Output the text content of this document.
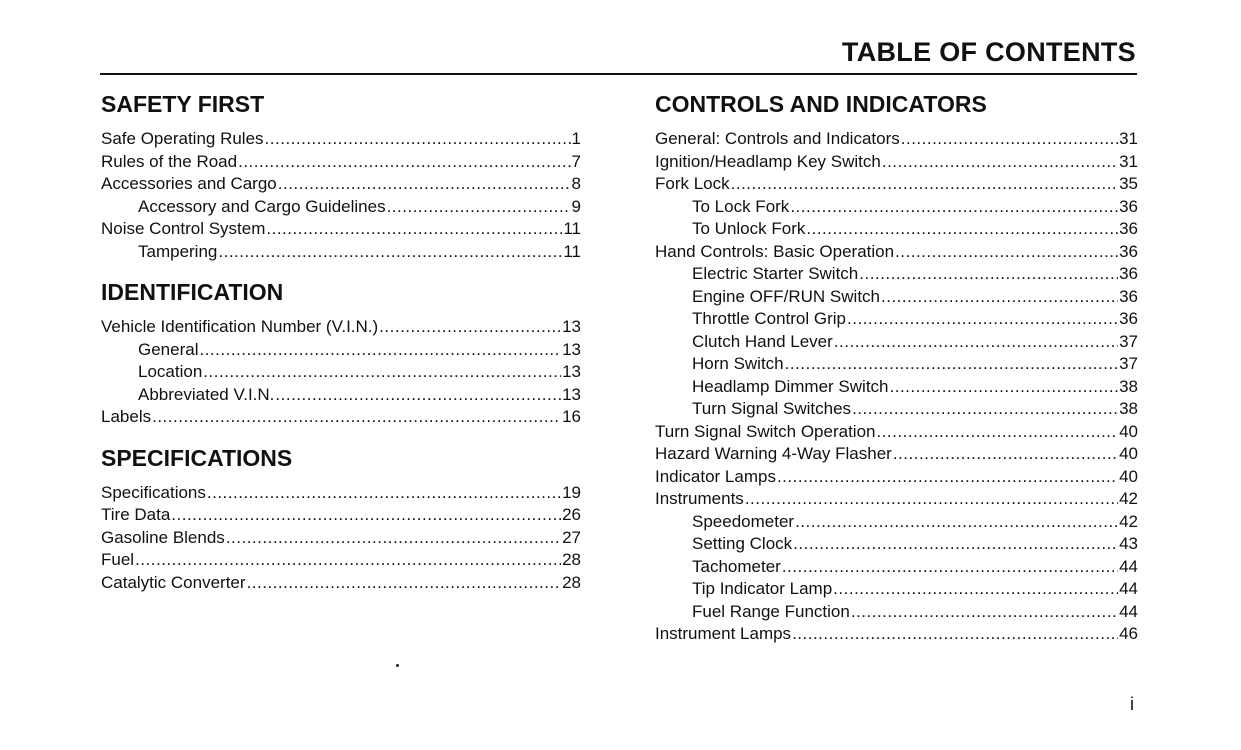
TABLE OF CONTENTS
SAFETY FIRST
Safe Operating Rules .....	1
Rules of the Road .....	7
Accessories and Cargo .....	8
Accessory and Cargo Guidelines .....	9
Noise Control System .....	11
Tampering .....	11
IDENTIFICATION
Vehicle Identification Number (V.I.N.) .....	13
General .....	13
Location .....	13
Abbreviated V.I.N. .....	13
Labels .....	16
SPECIFICATIONS
Specifications .....	19
Tire Data .....	26
Gasoline Blends .....	27
Fuel .....	28
Catalytic Converter .....	28
CONTROLS AND INDICATORS
General: Controls and Indicators .....	31
Ignition/Headlamp Key Switch .....	31
Fork Lock .....	35
To Lock Fork .....	36
To Unlock Fork .....	36
Hand Controls: Basic Operation .....	36
Electric Starter Switch .....	36
Engine OFF/RUN Switch .....	36
Throttle Control Grip .....	36
Clutch Hand Lever .....	37
Horn Switch .....	37
Headlamp Dimmer Switch .....	38
Turn Signal Switches .....	38
Turn Signal Switch Operation .....	40
Hazard Warning 4-Way Flasher .....	40
Indicator Lamps .....	40
Instruments .....	42
Speedometer .....	42
Setting Clock .....	43
Tachometer .....	44
Tip Indicator Lamp .....	44
Fuel Range Function .....	44
Instrument Lamps .....	46
i
